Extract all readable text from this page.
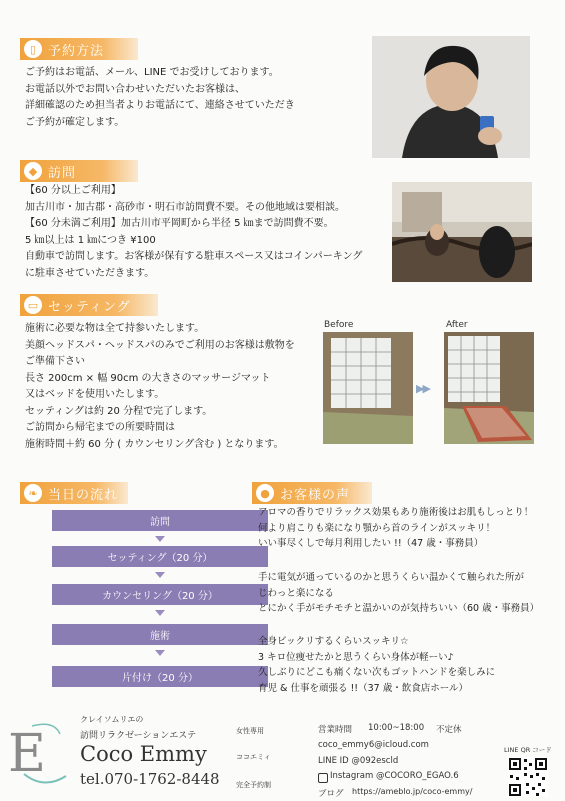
▯ 予約方法
ご予約はお電話、メール、LINE でお受けしております。
お電話以外でお問い合わせいただいたお客様は、
詳細確認のため担当者よりお電話にて、連絡させていただき
ご予約が確定します。
◆ 訪問
【60 分以上ご利用】
加古川市・加古郡・高砂市・明石市訪問費不要。その他地域は要相談。
【60 分未満ご利用】加古川市平岡町から半径 5 ㎞まで訪問費不要。
5 ㎞以上は 1 ㎞につき ¥100
自動車で訪問します。お客様が保有する駐車スペース又はコインパーキング
に駐車させていただきます。
▭ セッティング
施術に必要な物は全て持参いたします。
美顔ヘッドスパ・ヘッドスパのみでご利用のお客様は敷物を
ご準備下さい
長さ 200cm × 幅 90cm の大きさのマッサージマット
又はベッドを使用いたします。
セッティングは約 20 分程で完了します。
ご訪問から帰宅までの所要時間は
施術時間＋約 60 分 ( カウンセリング含む ) となります。
Before
▶▶
After
❧ 当日の流れ
訪問
セッティング（20 分）
カウンセリング（20 分）
施術
片付け（20 分）
● お客様の声
アロマの香りでリラックス効果もあり施術後はお肌もしっとり！
何より肩こりも楽になり顎から首のラインがスッキリ！
いい事尽くしで毎月利用したい !!（47 歳・事務員）
手に電気が通っているのかと思うくらい温かくて触られた所が
じわっと楽になる
とにかく手がモチモチと温かいのが気持ちいい（60 歳・事務員）
全身ビックリするくらいスッキリ☆
3 キロ位痩せたかと思うくらい身体が軽ーい♪
久しぶりにどこも痛くない次もゴットハンドを楽しみに
育児 & 仕事を頑張る !!（37 歳・飲食店ホール）
E
クレイソムリエの
訪問リラクゼーションエステ	女性専用
Coco Emmy	ココエミィ
tel.070-1762-8448 完全予約制
営業時間 10:00~18:00 不定休
coco_emmy6@icloud.com
LINE ID @092escld
Instagram @COCORO_EGAO.6
ブログ https://ameblo.jp/coco-emmy/
LINE QR コード
